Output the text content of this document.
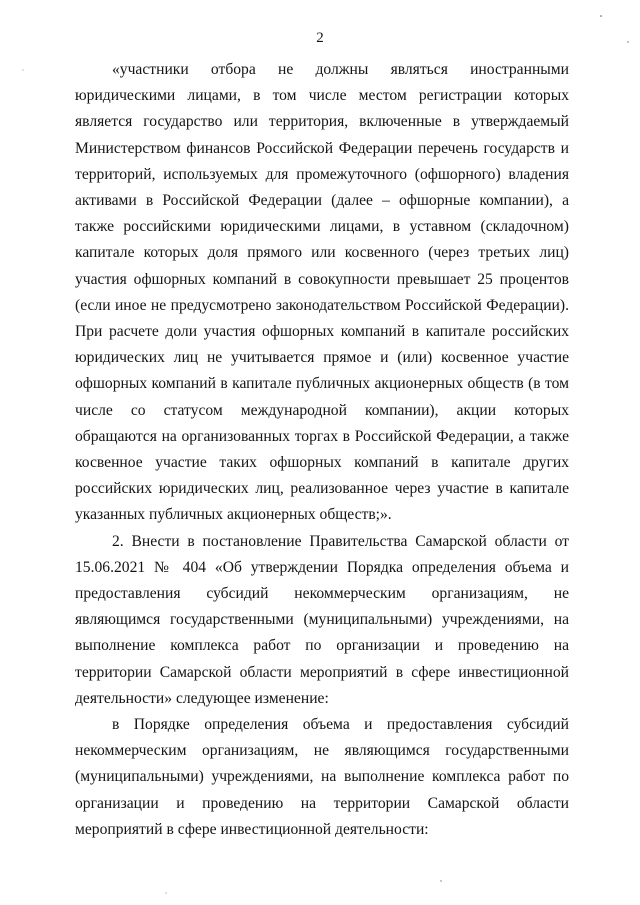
2

«участники отбора не должны являться иностранными юридическими лицами, в том числе местом регистрации которых является государство или территория, включенные в утверждаемый Министерством финансов Российской Федерации перечень государств и территорий, используемых для промежуточного (офшорного) владения активами в Российской Федерации (далее – офшорные компании), а также российскими юридическими лицами, в уставном (складочном) капитале которых доля прямого или косвенного (через третьих лиц) участия офшорных компаний в совокупности превышает 25 процентов (если иное не предусмотрено законодательством Российской Федерации). При расчете доли участия офшорных компаний в капитале российских юридических лиц не учитывается прямое и (или) косвенное участие офшорных компаний в капитале публичных акционерных обществ (в том числе со статусом международной компании), акции которых обращаются на организованных торгах в Российской Федерации, а также косвенное участие таких офшорных компаний в капитале других российских юридических лиц, реализованное через участие в капитале указанных публичных акционерных обществ;».

2. Внести в постановление Правительства Самарской области от 15.06.2021 № 404 «Об утверждении Порядка определения объема и предоставления субсидий некоммерческим организациям, не являющимся государственными (муниципальными) учреждениями, на выполнение комплекса работ по организации и проведению на территории Самарской области мероприятий в сфере инвестиционной деятельности» следующее изменение:

в Порядке определения объема и предоставления субсидий некоммерческим организациям, не являющимся государственными (муниципальными) учреждениями, на выполнение комплекса работ по организации и проведению на территории Самарской области мероприятий в сфере инвестиционной деятельности:
